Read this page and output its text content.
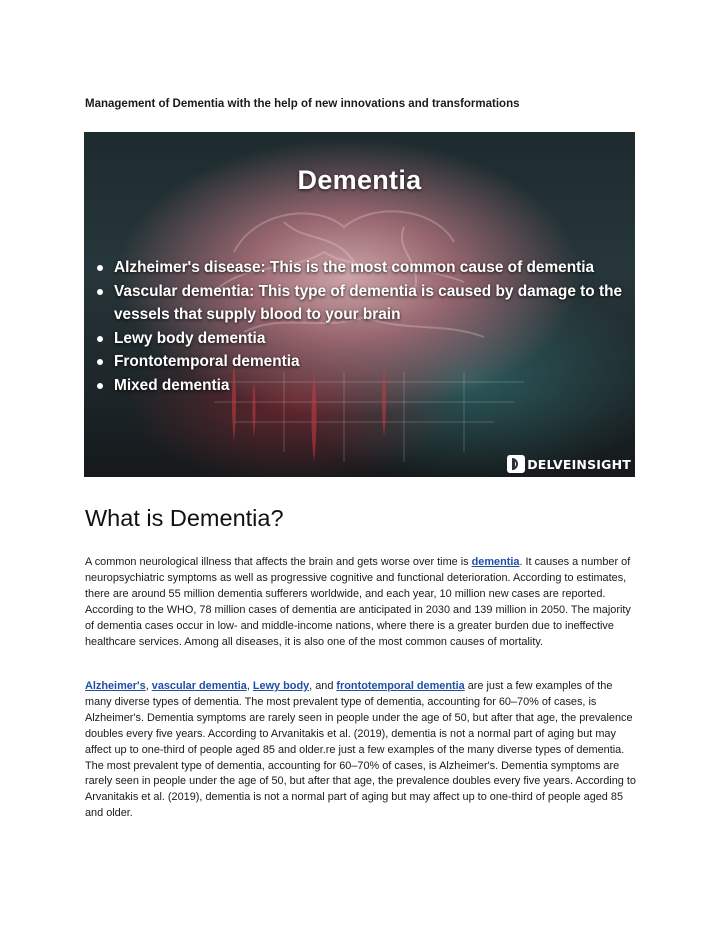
Management of Dementia with the help of new innovations and transformations
Dementia
Alzheimer's disease: This is the most common cause of dementia
Vascular dementia: This type of dementia is caused by damage to the vessels that supply blood to your brain
Lewy body dementia
Frontotemporal dementia
Mixed dementia
DELVEINSIGHT
What is Dementia?

A common neurological illness that affects the brain and gets worse over time is dementia. It causes a number of neuropsychiatric symptoms as well as progressive cognitive and functional deterioration. According to estimates, there are around 55 million dementia sufferers worldwide, and each year, 10 million new cases are reported. According to the WHO, 78 million cases of dementia are anticipated in 2030 and 139 million in 2050. The majority of dementia cases occur in low- and middle-income nations, where there is a greater burden due to ineffective healthcare services. Among all diseases, it is also one of the most common causes of mortality.

Alzheimer's, vascular dementia, Lewy body, and frontotemporal dementia are just a few examples of the many diverse types of dementia. The most prevalent type of dementia, accounting for 60–70% of cases, is Alzheimer's. Dementia symptoms are rarely seen in people under the age of 50, but after that age, the prevalence doubles every five years. According to Arvanitakis et al. (2019), dementia is not a normal part of aging but may affect up to one-third of people aged 85 and older.re just a few examples of the many diverse types of dementia. The most prevalent type of dementia, accounting for 60–70% of cases, is Alzheimer's. Dementia symptoms are rarely seen in people under the age of 50, but after that age, the prevalence doubles every five years. According to Arvanitakis et al. (2019), dementia is not a normal part of aging but may affect up to one-third of people aged 85 and older.
